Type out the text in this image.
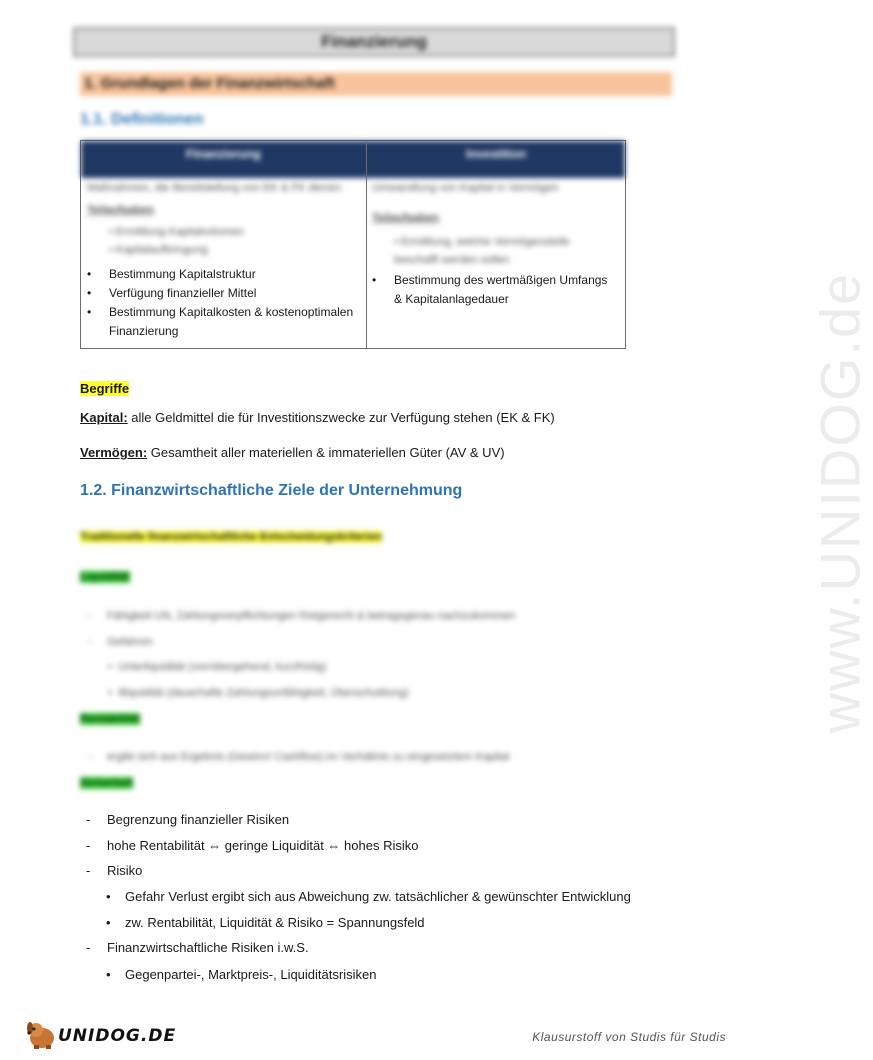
Finanzierung
1. Grundlagen der Finanzwirtschaft
1.1. Definitionen
Finanzierung	Investition
Maßnahmen, die Bereitstellung von EK & FK dienen
Teilaufgaben
• Ermittlung Kapitalvolumen
• Kapitalaufbringung
• Bestimmung Kapitalstruktur
• Verfügung finanzieller Mittel
• Bestimmung Kapitalkosten & kostenoptimalen Finanzierung
Umwandlung von Kapital in Vermögen
Teilaufgaben
• Ermittlung, welche Vermögensteile beschafft werden sollen
• Bestimmung des wertmäßigen Umfangs & Kapitalanlagedauer
Begriffe
Kapital: alle Geldmittel die für Investitionszwecke zur Verfügung stehen (EK & FK)
Vermögen: Gesamtheit aller materiellen & immateriellen Güter (AV & UV)
1.2. Finanzwirtschaftliche Ziele der Unternehmung
Traditionelle finanzwirtschaftliche Entscheidungskriterien
Liquidität
-     Fähigkeit UN, Zahlungsverpflichtungen fristgerecht & betragsgenau nachzukommen
-     Gefahren
•  Unterliquidität (vorrübergehend, kurzfristig)
•  Illiquidität (dauerhafte Zahlungsunfähigkeit, Überschuldung)
Rentabilität
-     ergibt sich aus Ergebnis (Gewinn/ Cashflow) im Verhältnis zu eingesetztem Kapital
Sicherheit
- Begrenzung finanzieller Risiken
- hohe Rentabilität ⇔ geringe Liquidität ⇔ hohes Risiko
- Risiko
• Gefahr Verlust ergibt sich aus Abweichung zw. tatsächlicher & gewünschter Entwicklung
• zw. Rentabilität, Liquidität & Risiko = Spannungsfeld
- Finanzwirtschaftliche Risiken i.w.S.
• Gegenpartei-, Marktpreis-, Liquiditätsrisiken
www.UNIDOG.de
UNIDOG.DE	Klausurstoff von Studis für Studis
